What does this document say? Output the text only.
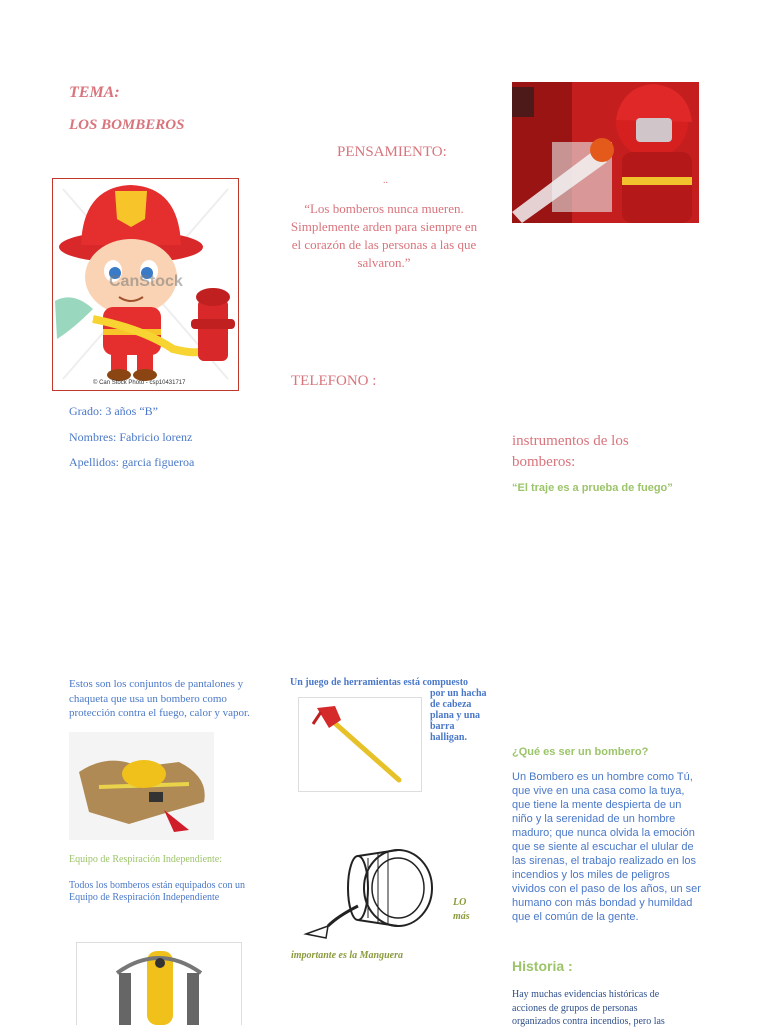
TEMA:
LOS BOMBEROS
CanStock
© Can Stock Photo - csp10431717
Grado: 3 años “B”
Nombres: Fabricio lorenz
Apellidos: garcia figueroa
PENSAMIENTO:
..
“Los bomberos nunca mueren. Simplemente arden para siempre en el corazón de las personas a las que salvaron.”
TELEFONO :
instrumentos de los bomberos:
“El traje es a prueba de fuego”
Estos son los conjuntos de pantalones y chaqueta que usa un bombero como protección contra el fuego, calor y vapor.
Un juego de herramientas está compuesto
por un hacha de cabeza plana y una barra halligan.
Equipo de Respiración Independiente:
Todos los bomberos están equipados con un Equipo de Respiración Independiente	LO
más
importante es la Manguera
¿Qué es ser un bombero?
Un Bombero es un hombre como Tú, que vive en una casa como la tuya, que tiene la mente despierta de un niño y la serenidad de un hombre maduro; que nunca olvida la emoción que se siente al escuchar el ulular de las sirenas, el trabajo realizado en los incendios y los miles de peligros vividos con el paso de los años, un ser humano con más bondad y humildad que el común de la gente.
Historia :
Hay muchas evidencias históricas de acciones de grupos de personas organizados contra incendios, pero las
